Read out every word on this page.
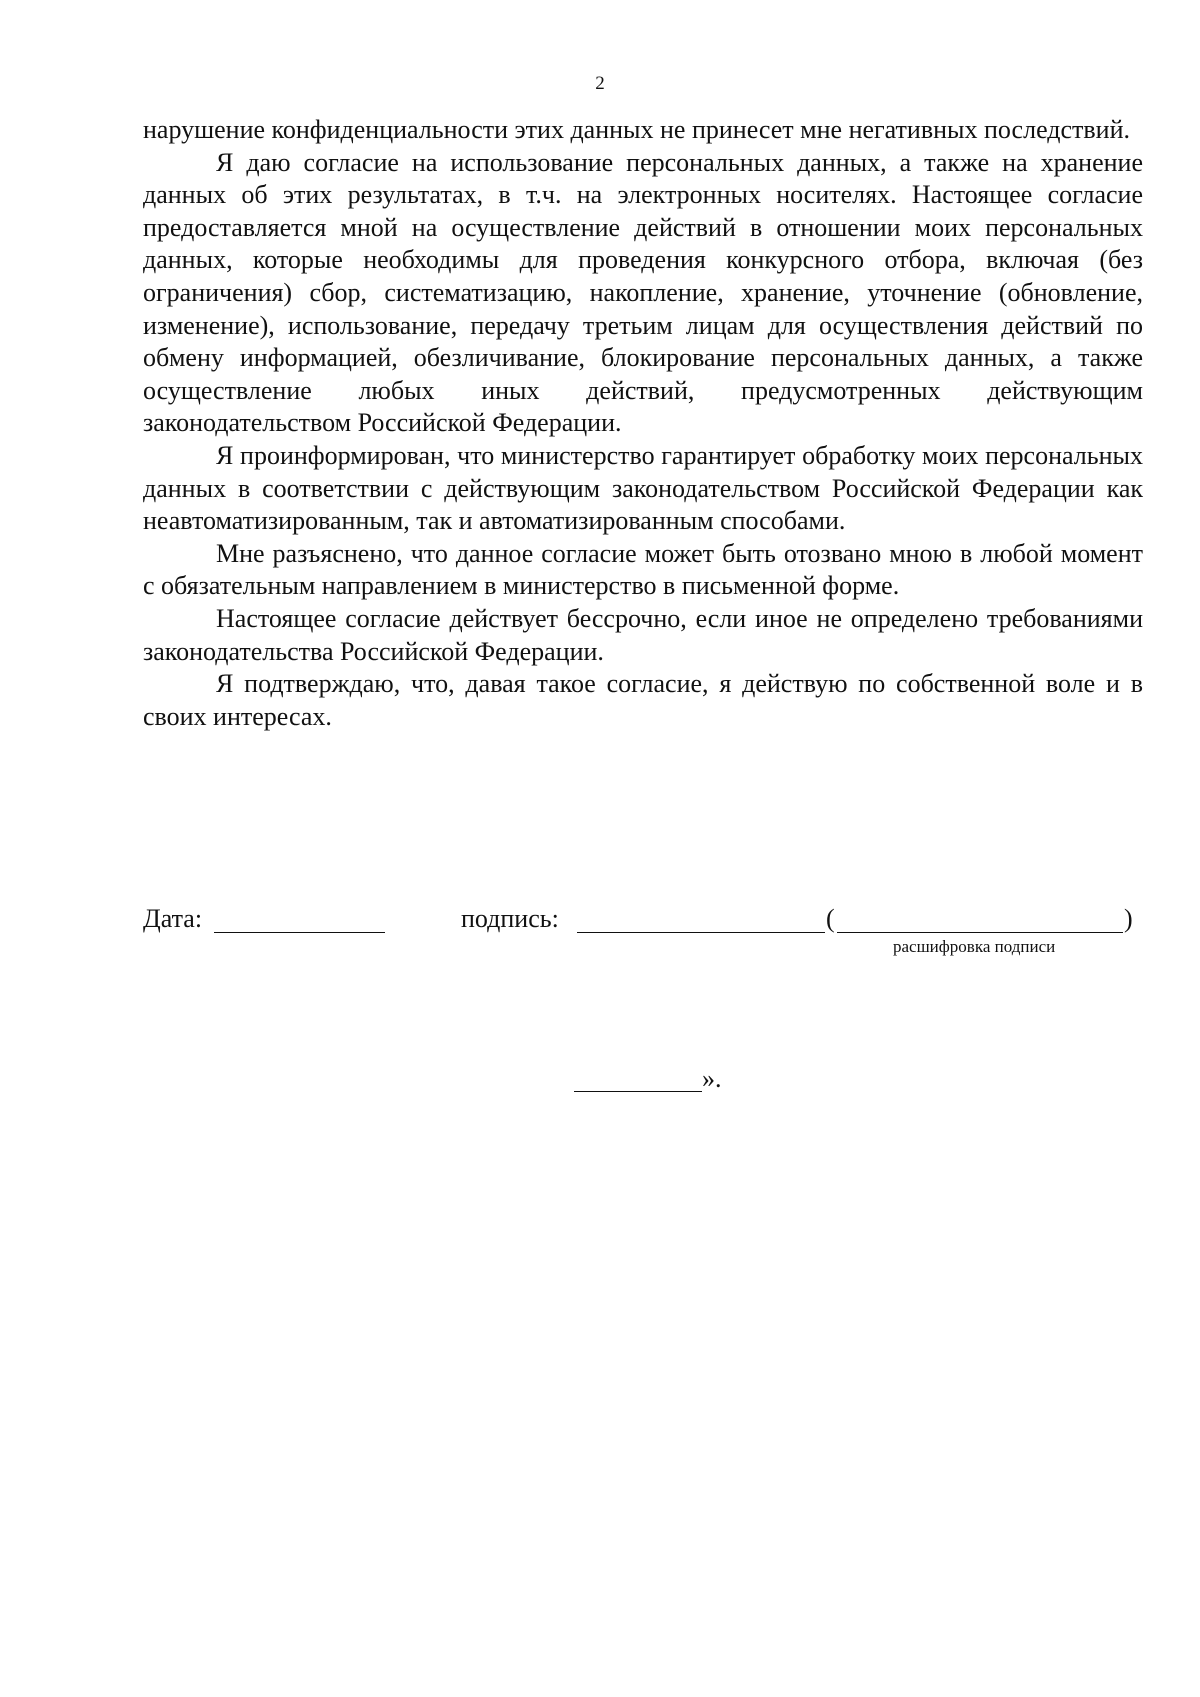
2

нарушение конфиденциальности этих данных не принесет мне негативных последствий.

Я даю согласие на использование персональных данных, а также на хранение данных об этих результатах, в т.ч. на электронных носителях. Настоящее согласие предоставляется мной на осуществление действий в отношении моих персональных данных, которые необходимы для проведения конкурсного отбора, включая (без ограничения) сбор, систематизацию, накопление, хранение, уточнение (обновление, изменение), использование, передачу третьим лицам для осуществления действий по обмену информацией, обезличивание, блокирование персональных данных, а также осуществление любых иных действий, предусмотренных действующим законодательством Российской Федерации.

Я проинформирован, что министерство гарантирует обработку моих персональных данных в соответствии с действующим законодательством Российской Федерации как неавтоматизированным, так и автоматизированным способами.

Мне разъяснено, что данное согласие может быть отозвано мною в любой момент с обязательным направлением в министерство в письменной форме.

Настоящее согласие действует бессрочно, если иное не определено требованиями законодательства Российской Федерации.

Я подтверждаю, что, давая такое согласие, я действую по собственной воле и в своих интересах.

Дата:	подпись:	(	)
расшифровка подписи
».
